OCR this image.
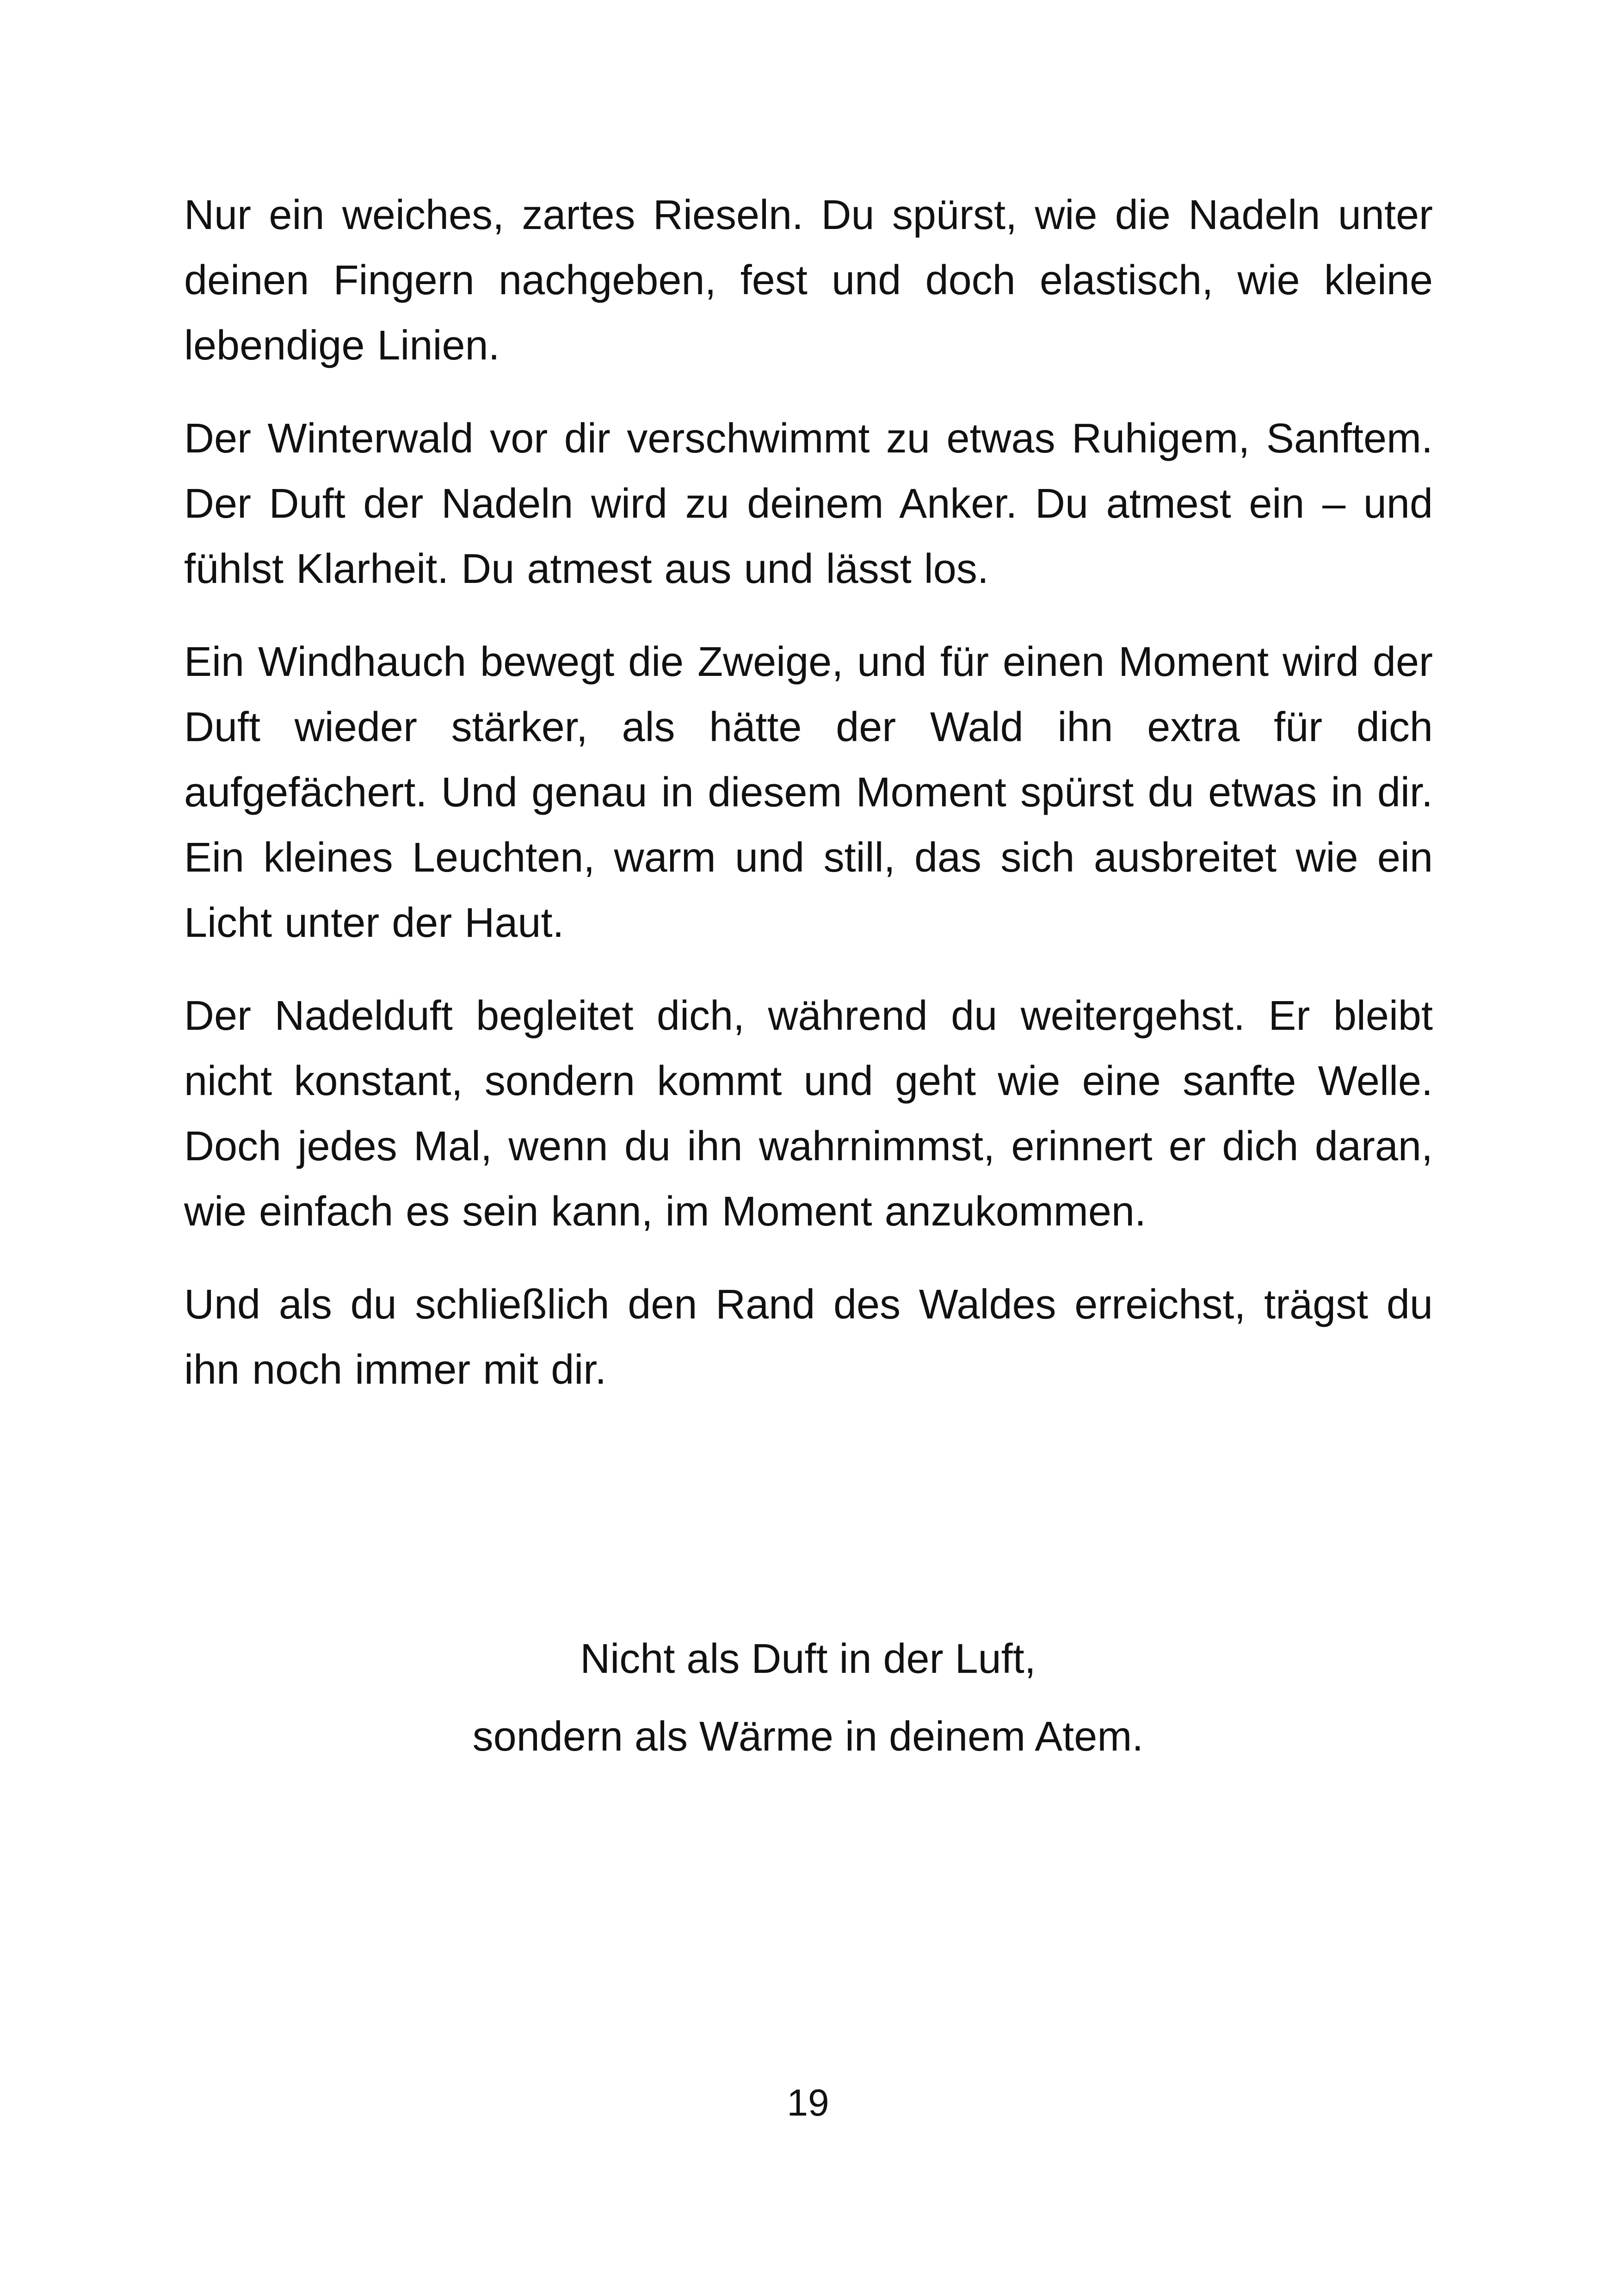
Nur ein weiches, zartes Rieseln. Du spürst, wie die Nadeln unter deinen Fingern nachgeben, fest und doch elastisch, wie kleine lebendige Linien.

Der Winterwald vor dir verschwimmt zu etwas Ruhigem, Sanftem. Der Duft der Nadeln wird zu deinem Anker. Du atmest ein – und fühlst Klarheit. Du atmest aus und lässt los.

Ein Windhauch bewegt die Zweige, und für einen Moment wird der Duft wieder stärker, als hätte der Wald ihn extra für dich aufgefächert. Und genau in diesem Moment spürst du etwas in dir. Ein kleines Leuchten, warm und still, das sich ausbreitet wie ein Licht unter der Haut.

Der Nadelduft begleitet dich, während du weitergehst. Er bleibt nicht konstant, sondern kommt und geht wie eine sanfte Welle. Doch jedes Mal, wenn du ihn wahrnimmst, erinnert er dich daran, wie einfach es sein kann, im Moment anzukommen.

Und als du schließlich den Rand des Waldes erreichst, trägst du ihn noch immer mit dir.

Nicht als Duft in der Luft,
sondern als Wärme in deinem Atem.
19
